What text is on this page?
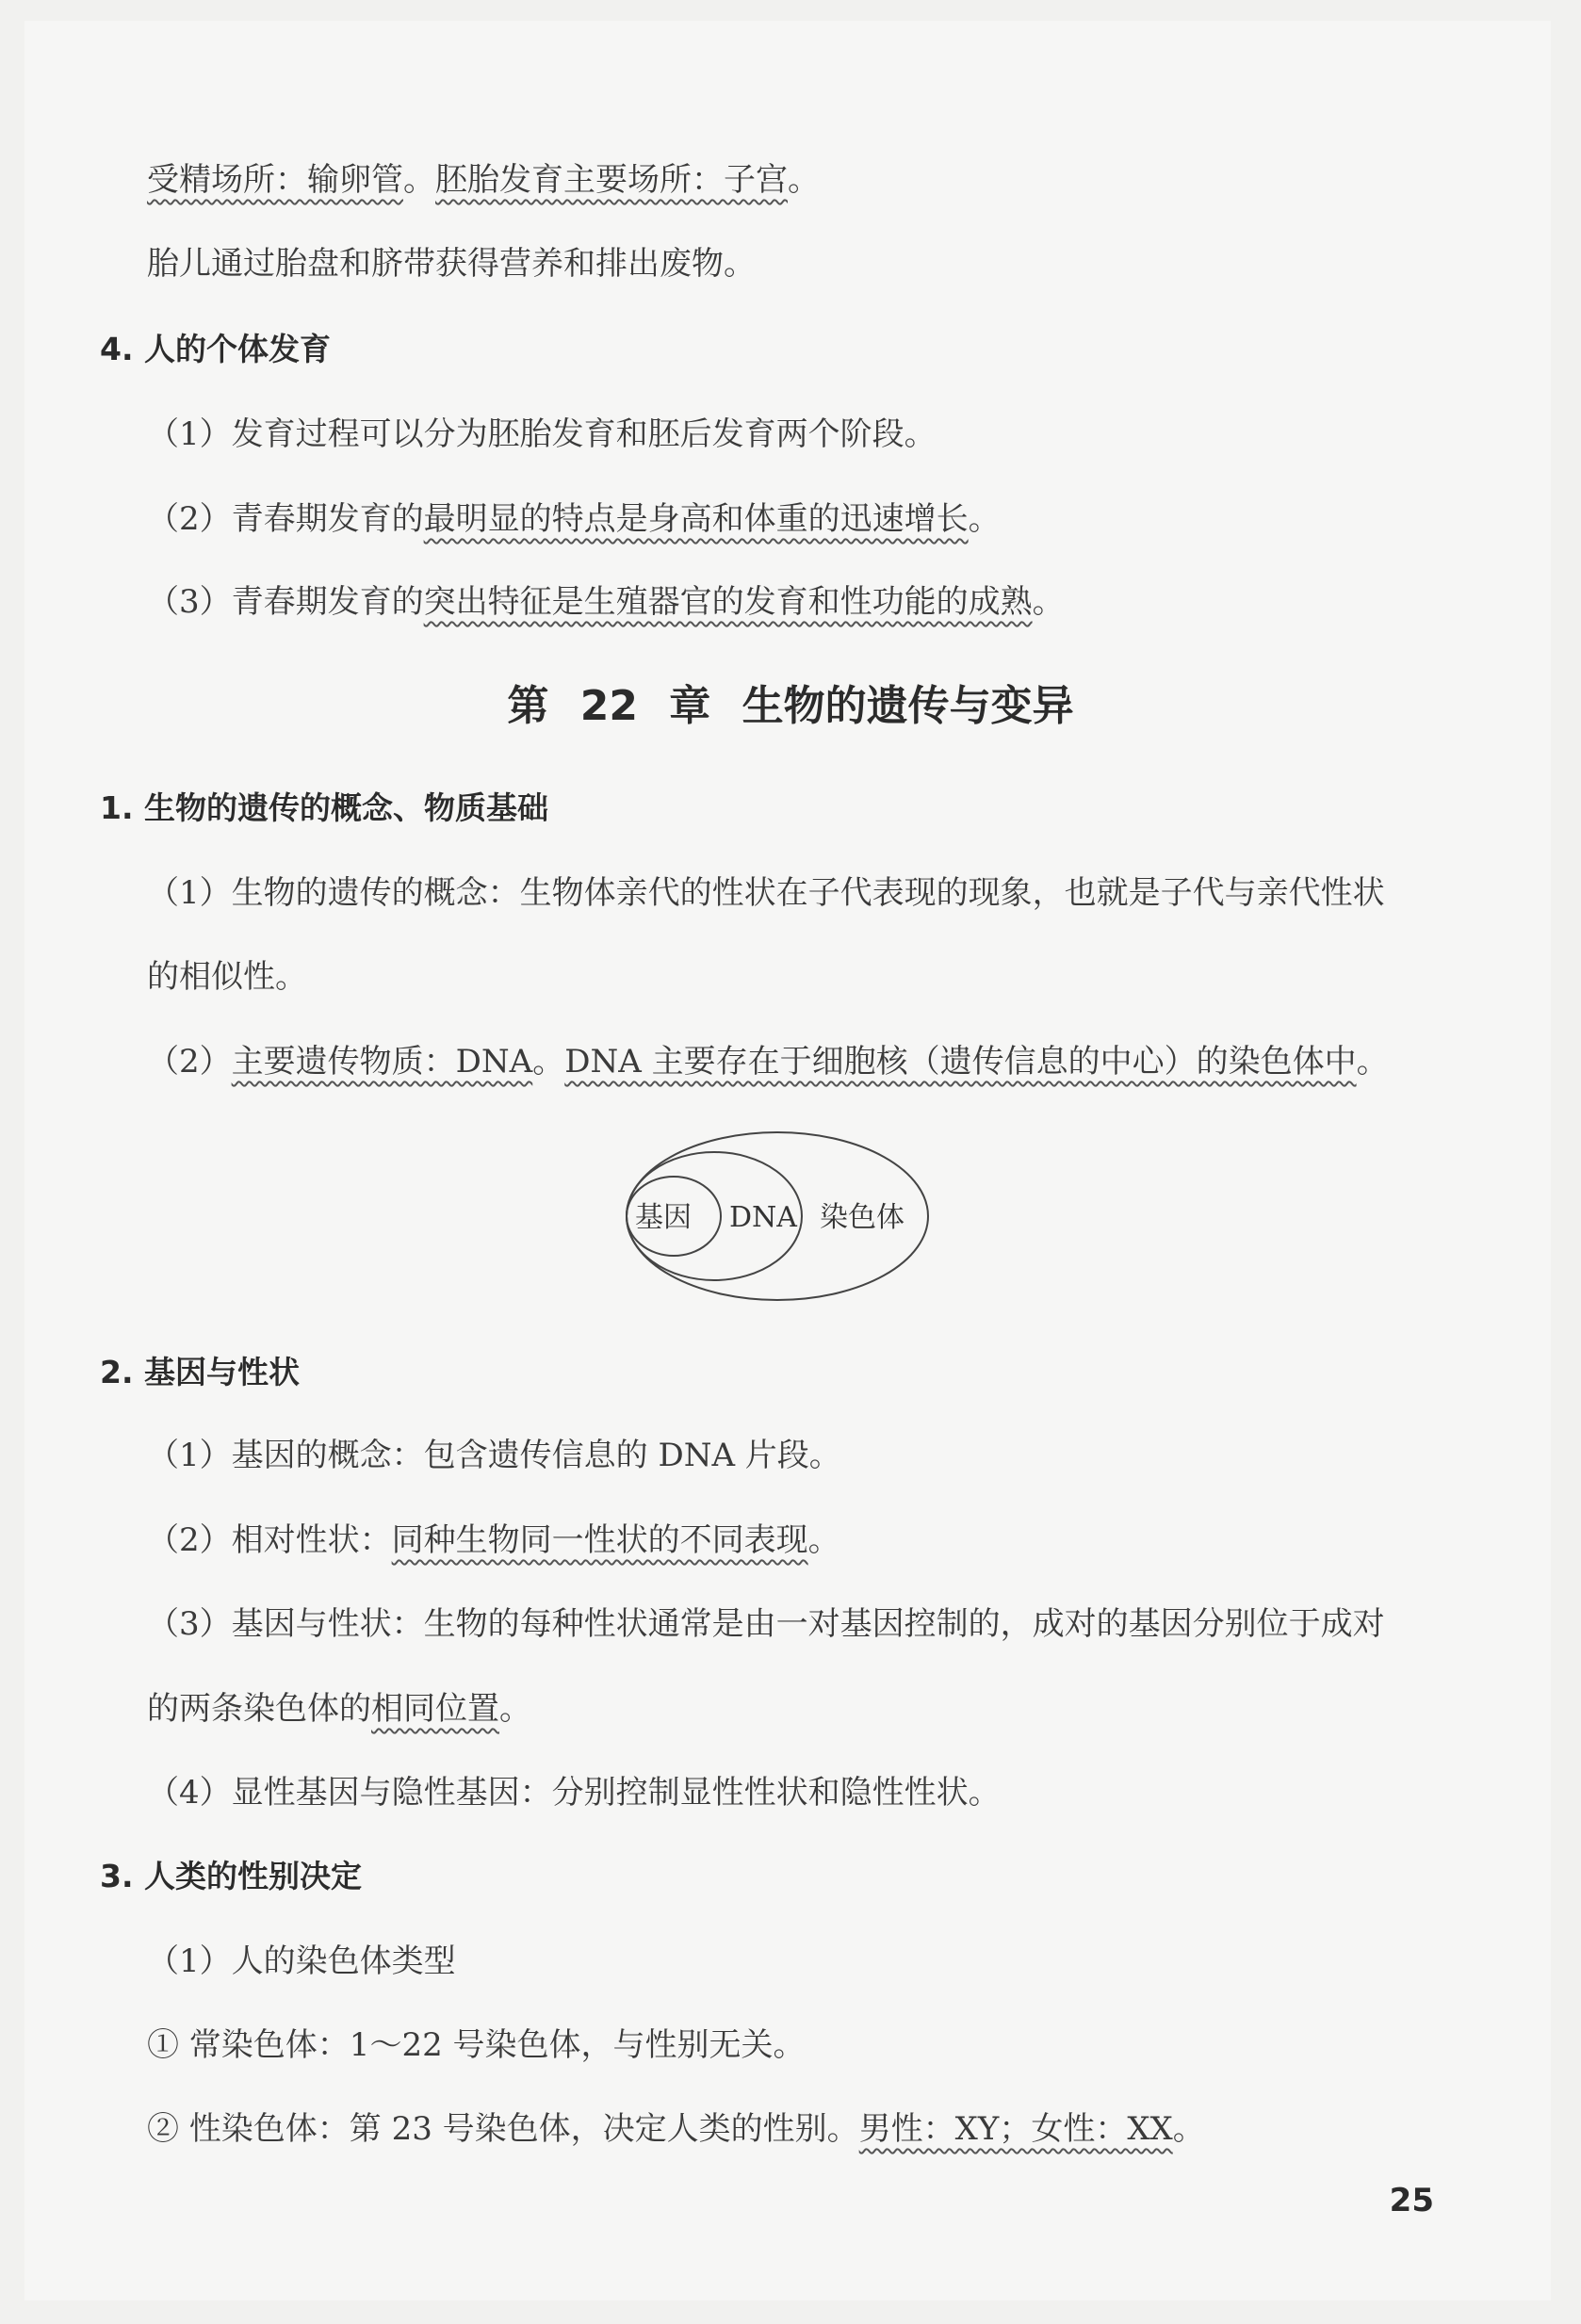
受精场所：输卵管。胚胎发育主要场所：子宫。
胎儿通过胎盘和脐带获得营养和排出废物。
4. 人的个体发育
（1）发育过程可以分为胚胎发育和胚后发育两个阶段。
（2）青春期发育的最明显的特点是身高和体重的迅速增长。
（3）青春期发育的突出特征是生殖器官的发育和性功能的成熟。
第 22 章 生物的遗传与变异
1. 生物的遗传的概念、物质基础
（1）生物的遗传的概念：生物体亲代的性状在子代表现的现象，也就是子代与亲代性状
的相似性。
（2）主要遗传物质：DNA。DNA 主要存在于细胞核（遗传信息的中心）的染色体中。
基因 DNA 染色体
2. 基因与性状
（1）基因的概念：包含遗传信息的 DNA 片段。
（2）相对性状：同种生物同一性状的不同表现。
（3）基因与性状：生物的每种性状通常是由一对基因控制的，成对的基因分别位于成对
的两条染色体的相同位置。
（4）显性基因与隐性基因：分别控制显性性状和隐性性状。
3. 人类的性别决定
（1）人的染色体类型
① 常染色体：1～22 号染色体，与性别无关。
② 性染色体：第 23 号染色体，决定人类的性别。男性：XY；女性：XX。
25
